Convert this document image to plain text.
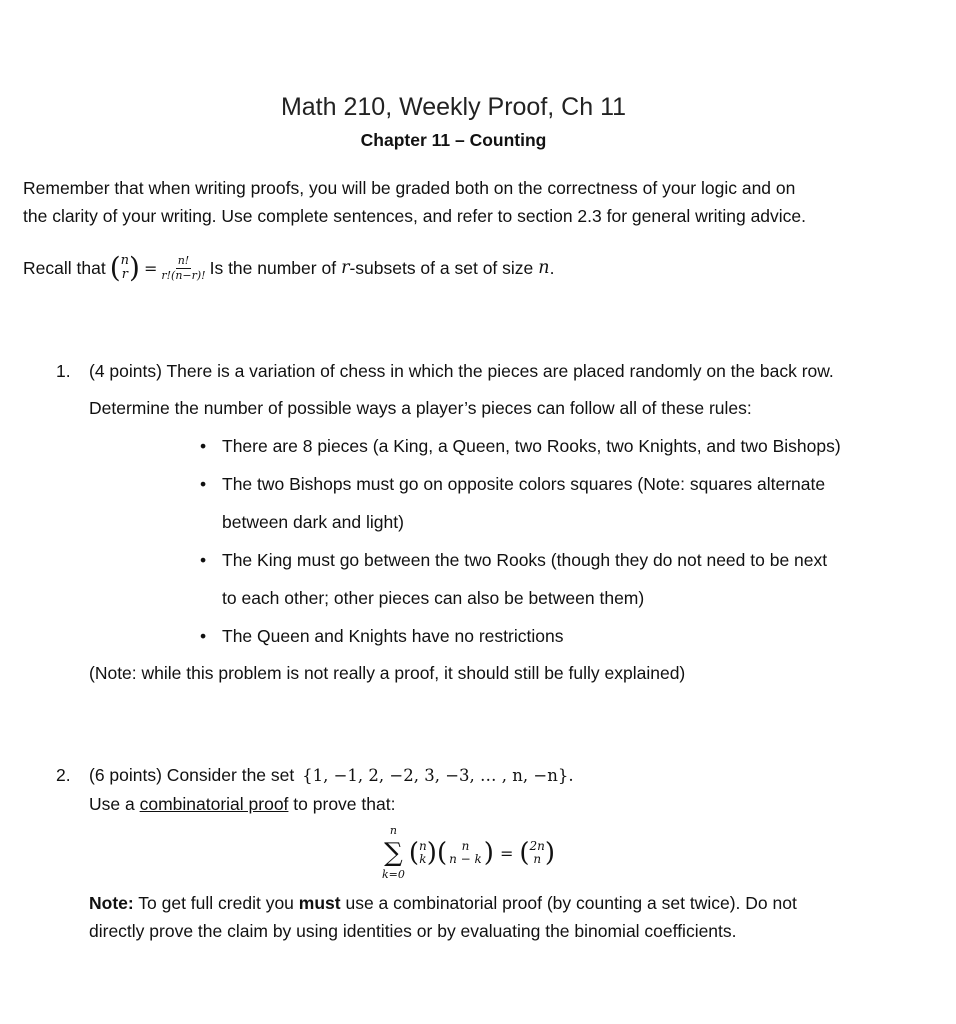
Math 210, Weekly Proof, Ch 11
Chapter 11 – Counting
Remember that when writing proofs, you will be graded both on the correctness of your logic and on
the clarity of your writing. Use complete sentences, and refer to section 2.3 for general writing advice.
Recall that ( n
r ) = $\frac{n!}{r!(n-r)!}$ Is the number of r -subsets of a set of size n .
1. (4 points) There is a variation of chess in which the pieces are placed randomly on the back row.
Determine the number of possible ways a player’s pieces can follow all of these rules:
• There are 8 pieces (a King, a Queen, two Rooks, two Knights, and two Bishops)
• The two Bishops must go on opposite colors squares (Note: squares alternate
between dark and light)
• The King must go between the two Rooks (though they do not need to be next
to each other; other pieces can also be between them)
• The Queen and Knights have no restrictions
(Note: while this problem is not really a proof, it should still be fully explained)
2. (6 points) Consider the set {1, −1, 2, −2, 3, −3, … , n, −n}.
Use a combinatorial proof to prove that:
n
∑
k=0
( n
k ) ( n
n − k ) = ( 2n
n )
Note: To get full credit you must use a combinatorial proof (by counting a set twice). Do not
directly prove the claim by using identities or by evaluating the binomial coefficients.
